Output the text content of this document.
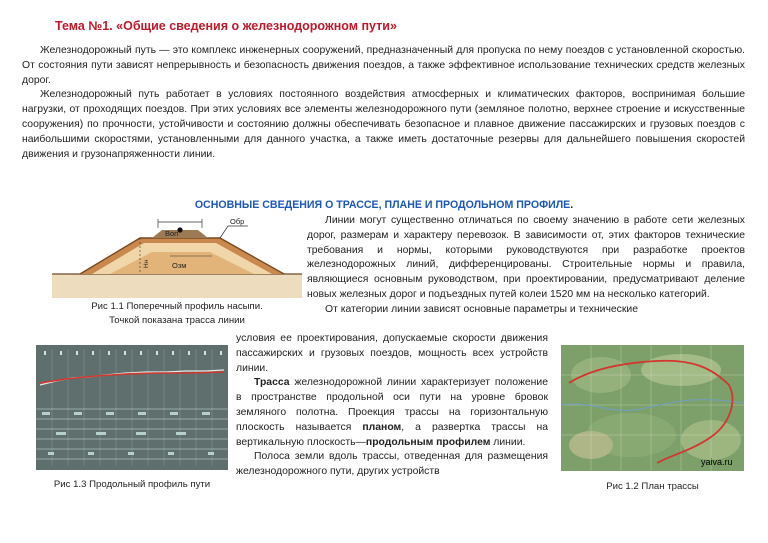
Тема №1. «Общие сведения о железнодорожном пути»

Железнодорожный путь — это комплекс инженерных сооружений, предназначенный для пропуска по нему поездов с установленной скоростью. От состояния пути зависят непрерывность и безопасность движения поездов, а также эффективное использование технических средств железных дорог.

Железнодорожный путь работает в условиях постоянного воздействия атмосферных и климатических факторов, воспринимая большие нагрузки, от проходящих поездов. При этих условиях все элементы железнодорожного пути (земляное полотно, верхнее строение и искусственные сооружения) по прочности, устойчивости и состоянию должны обеспечивать безопасное и плавное движение пассажирских и грузовых поездов с наибольшими скоростями, установленными для данного участка, а также иметь достаточные резервы для дальнейшего повышения скоростей движения и грузонапряженности линии.

ОСНОВНЫЕ СВЕДЕНИЯ О ТРАССЕ, ПЛАНЕ И ПРОДОЛЬНОМ ПРОФИЛЕ.
Воп
Обр
Озм
Нн
Рис 1.1 Поперечный профиль насыпи.
Точкой показана трасса линии

Линии могут существенно отличаться по своему значению в работе сети железных дорог, размерам и характеру перевозок. В зависимости от, этих факторов технические требования и нормы, которыми руководствуются при разработке проектов железнодорожных линий, дифференцированы. Строительные нормы и правила, являющиеся основным руководством, при проектировании, предусматривают деление новых железных дорог и подъездных путей колеи 1520 мм на несколько категорий.

От категории линии зависят основные параметры и технические

Рис 1.3 Продольный профиль пути

условия ее проектирования, допускаемые скорости движения пассажирских и грузовых поездов, мощность всех устройств линии.

Трасса железнодорожной линии характеризует положение в пространстве продольной оси пути на уровне бровок земляного полотна. Проекция трассы на горизонтальную плоскость называется планом, а развертка трассы на вертикальную плоскость—продольным профилем линии.

Полоса земли вдоль трассы, отведенная для размещения железнодорожного пути, других устройств

yaiva.ru
Рис 1.2 План трассы
